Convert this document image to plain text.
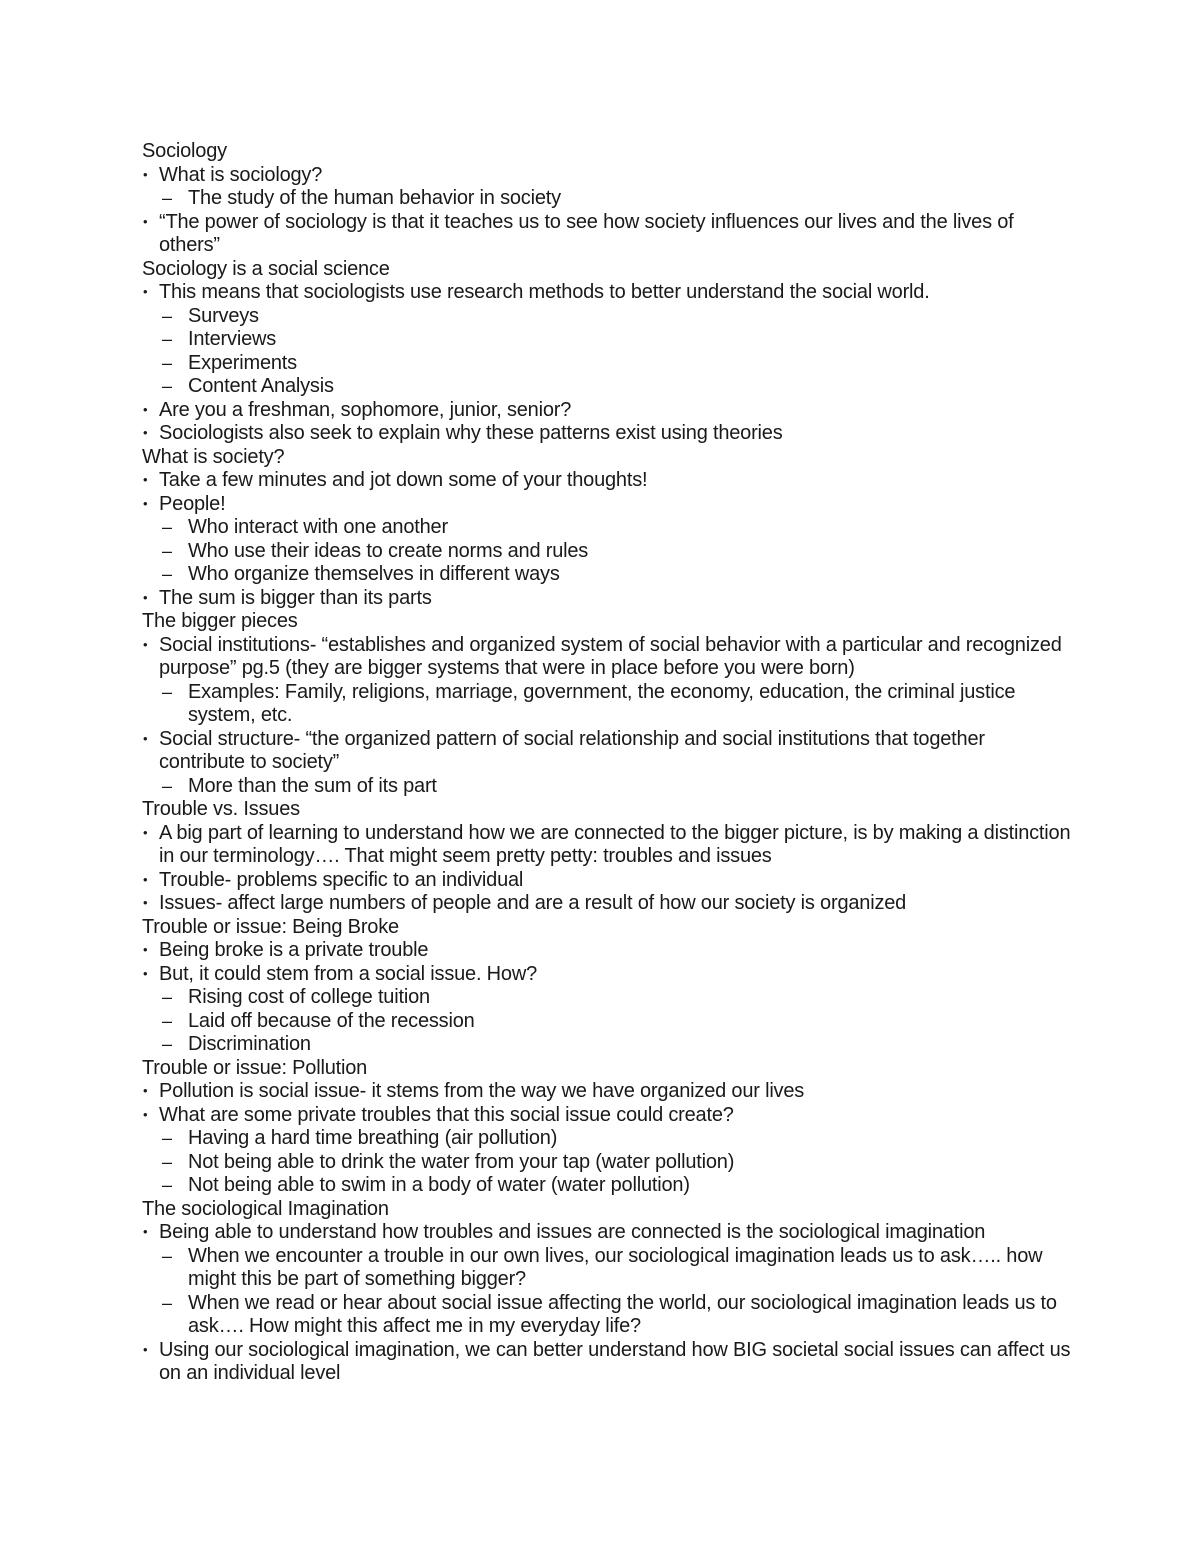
Sociology
• What is sociology?
– The study of the human behavior in society
• “The power of sociology is that it teaches us to see how society influences our lives and the lives of others”
Sociology is a social science
• This means that sociologists use research methods to better understand the social world.
– Surveys
– Interviews
– Experiments
– Content Analysis
• Are you a freshman, sophomore, junior, senior?
• Sociologists also seek to explain why these patterns exist using theories
What is society?
• Take a few minutes and jot down some of your thoughts!
• People!
– Who interact with one another
– Who use their ideas to create norms and rules
– Who organize themselves in different ways
• The sum is bigger than its parts
The bigger pieces
• Social institutions- “establishes and organized system of social behavior with a particular and recognized purpose” pg.5 (they are bigger systems that were in place before you were born)
– Examples: Family, religions, marriage, government, the economy, education, the criminal justice system, etc.
• Social structure- “the organized pattern of social relationship and social institutions that together contribute to society”
– More than the sum of its part
Trouble vs. Issues
• A big part of learning to understand how we are connected to the bigger picture, is by making a distinction in our terminology…. That might seem pretty petty: troubles and issues
• Trouble- problems specific to an individual
• Issues- affect large numbers of people and are a result of how our society is organized
Trouble or issue: Being Broke
• Being broke is a private trouble
• But, it could stem from a social issue. How?
– Rising cost of college tuition
– Laid off because of the recession
– Discrimination
Trouble or issue: Pollution
• Pollution is social issue- it stems from the way we have organized our lives
• What are some private troubles that this social issue could create?
– Having a hard time breathing (air pollution)
– Not being able to drink the water from your tap (water pollution)
– Not being able to swim in a body of water (water pollution)
The sociological Imagination
• Being able to understand how troubles and issues are connected is the sociological imagination
– When we encounter a trouble in our own lives, our sociological imagination leads us to ask….. how might this be part of something bigger?
– When we read or hear about social issue affecting the world, our sociological imagination leads us to ask…. How might this affect me in my everyday life?
• Using our sociological imagination, we can better understand how BIG societal social issues can affect us on an individual level
